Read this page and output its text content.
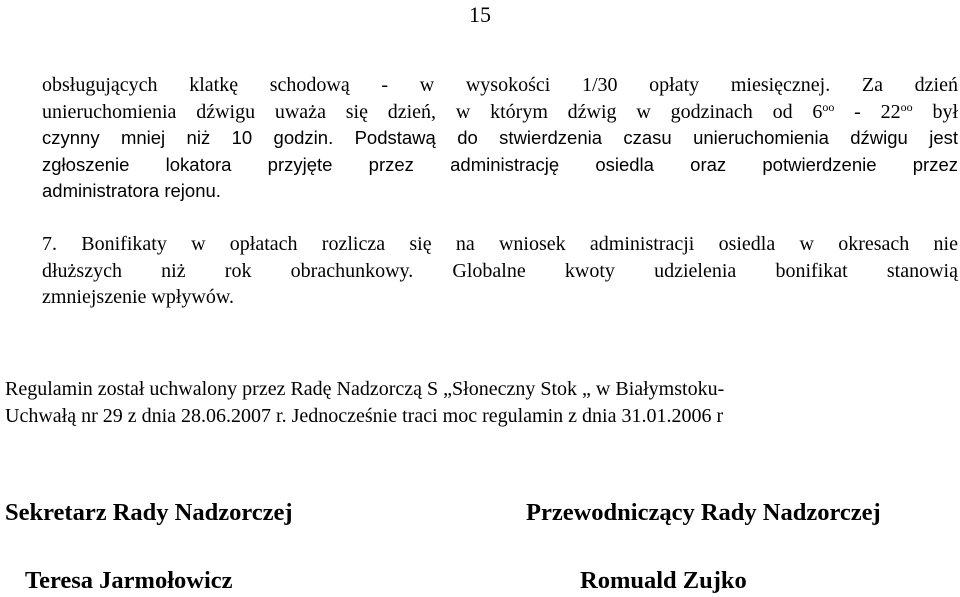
15
obsługujących klatkę schodową - w wysokości 1/30 opłaty miesięcznej. Za dzień
unieruchomienia dźwigu uważa się dzień, w którym dźwig w godzinach od $6^{oo} - 22^{oo}$ był
czynny mniej niż 10 godzin. Podstawą do stwierdzenia czasu unieruchomienia dźwigu jest
zgłoszenie lokatora przyjęte przez administrację osiedla oraz potwierdzenie przez
administratora rejonu.
7. Bonifikaty w opłatach rozlicza się na wniosek administracji osiedla w okresach nie
dłuższych niż rok obrachunkowy. Globalne kwoty udzielenia bonifikat stanowią
zmniejszenie wpływów.
Regulamin został uchwalony przez Radę Nadzorczą S „Słoneczny Stok „ w Białymstoku-
Uchwałą nr 29 z dnia 28.06.2007 r. Jednocześnie traci moc regulamin z dnia 31.01.2006 r
Sekretarz Rady Nadzorczej
Teresa Jarmołowicz
Przewodniczący Rady Nadzorczej
Romuald Zujko
